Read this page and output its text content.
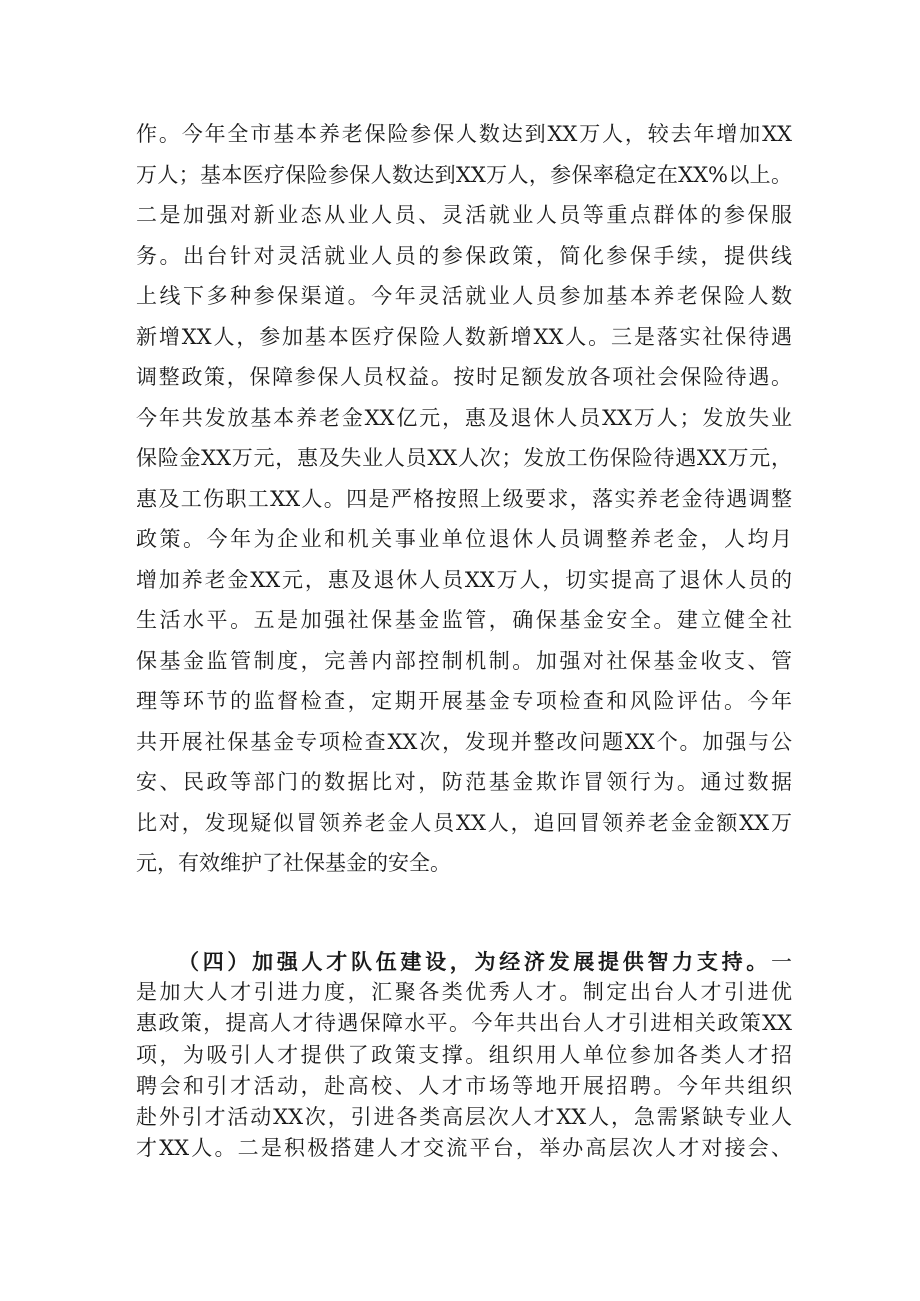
作。今年全市基本养老保险参保人数达到XX万人，较去年增加XX
万人；基本医疗保险参保人数达到XX万人，参保率稳定在XX%以上。
二是加强对新业态从业人员、灵活就业人员等重点群体的参保服
务。出台针对灵活就业人员的参保政策，简化参保手续，提供线
上线下多种参保渠道。今年灵活就业人员参加基本养老保险人数
新增XX人，参加基本医疗保险人数新增XX人。三是落实社保待遇
调整政策，保障参保人员权益。按时足额发放各项社会保险待遇。
今年共发放基本养老金XX亿元，惠及退休人员XX万人；发放失业
保险金XX万元，惠及失业人员XX人次；发放工伤保险待遇XX万元，
惠及工伤职工XX人。四是严格按照上级要求，落实养老金待遇调整
政策。今年为企业和机关事业单位退休人员调整养老金，人均月
增加养老金XX元，惠及退休人员XX万人，切实提高了退休人员的
生活水平。五是加强社保基金监管，确保基金安全。建立健全社
保基金监管制度，完善内部控制机制。加强对社保基金收支、管
理等环节的监督检查，定期开展基金专项检查和风险评估。今年
共开展社保基金专项检查XX次，发现并整改问题XX个。加强与公
安、民政等部门的数据比对，防范基金欺诈冒领行为。通过数据
比对，发现疑似冒领养老金人员XX人，追回冒领养老金金额XX万
元，有效维护了社保基金的安全。
（四）加强人才队伍建设，为经济发展提供智力支持。一
是加大人才引进力度，汇聚各类优秀人才。制定出台人才引进优
惠政策，提高人才待遇保障水平。今年共出台人才引进相关政策XX
项，为吸引人才提供了政策支撑。组织用人单位参加各类人才招
聘会和引才活动，赴高校、人才市场等地开展招聘。今年共组织
赴外引才活动XX次，引进各类高层次人才XX人，急需紧缺专业人
才XX人。二是积极搭建人才交流平台，举办高层次人才对接会、
